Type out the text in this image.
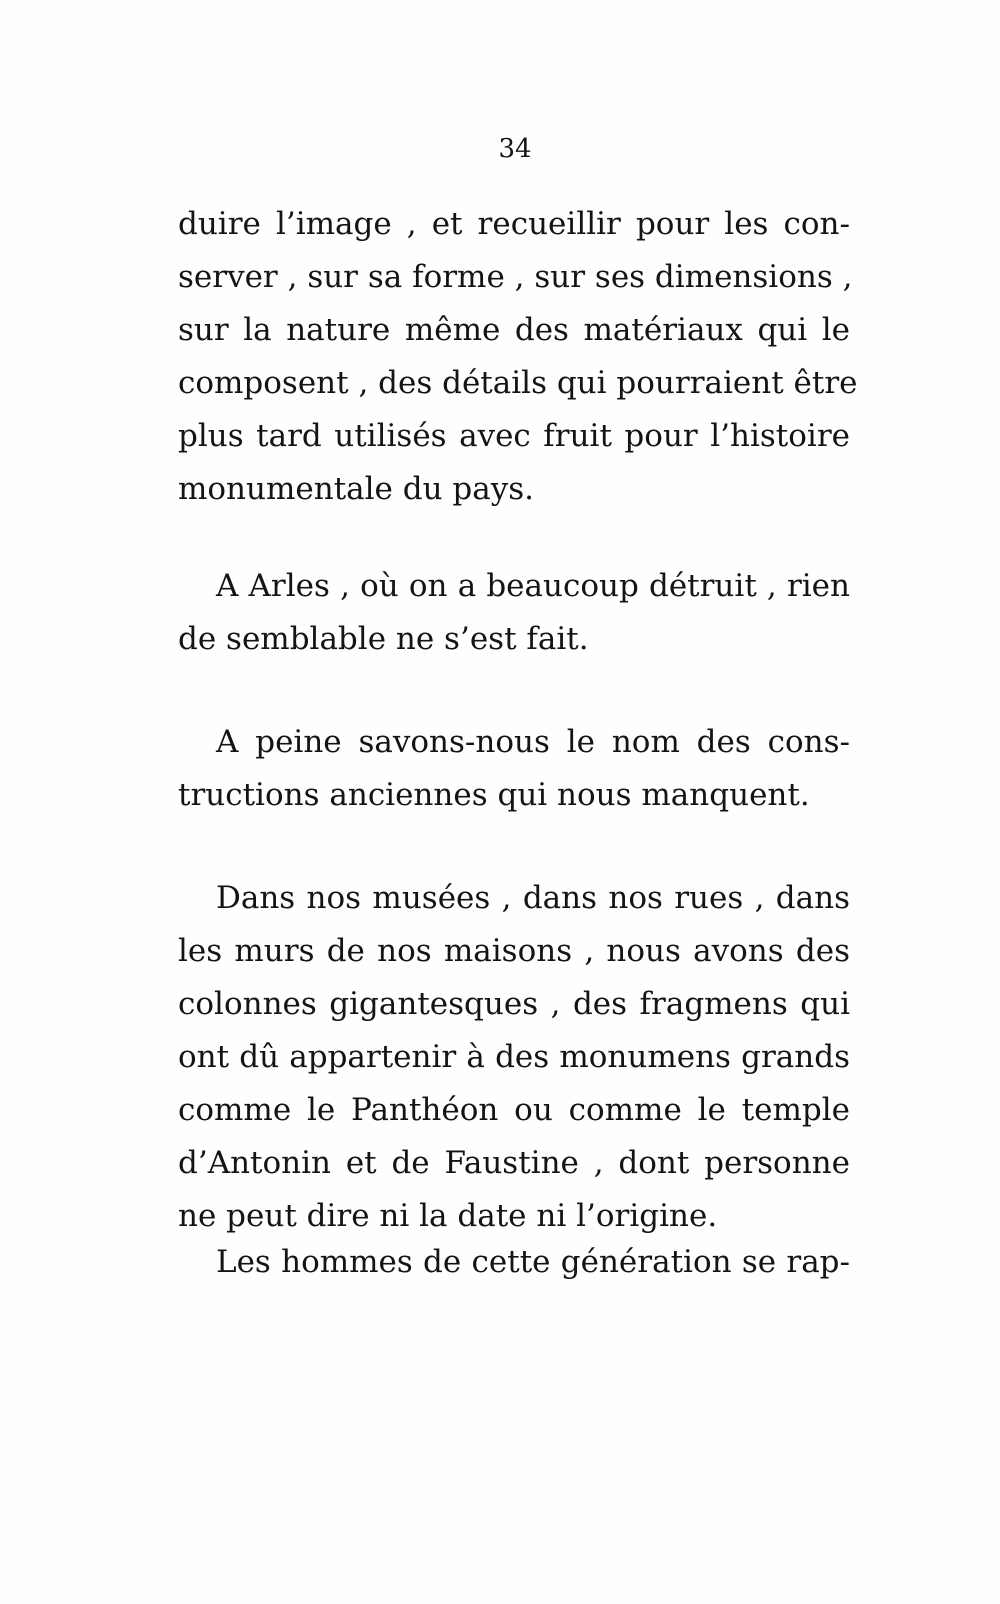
34
duire l’image , et recueillir pour les con-
server , sur sa forme , sur ses dimensions ,
sur la nature même des matériaux qui le
composent , des détails qui pourraient être
plus tard utilisés avec fruit pour l’histoire
monumentale du pays.
A Arles , où on a beaucoup détruit , rien
de semblable ne s’est fait.
A peine savons-nous le nom des cons-
tructions anciennes qui nous manquent.
Dans nos musées , dans nos rues , dans
les murs de nos maisons , nous avons des
colonnes gigantesques , des fragmens qui
ont dû appartenir à des monumens grands
comme le Panthéon ou comme le temple
d’Antonin et de Faustine , dont personne
ne peut dire ni la date ni l’origine.
Les hommes de cette génération se rap-
